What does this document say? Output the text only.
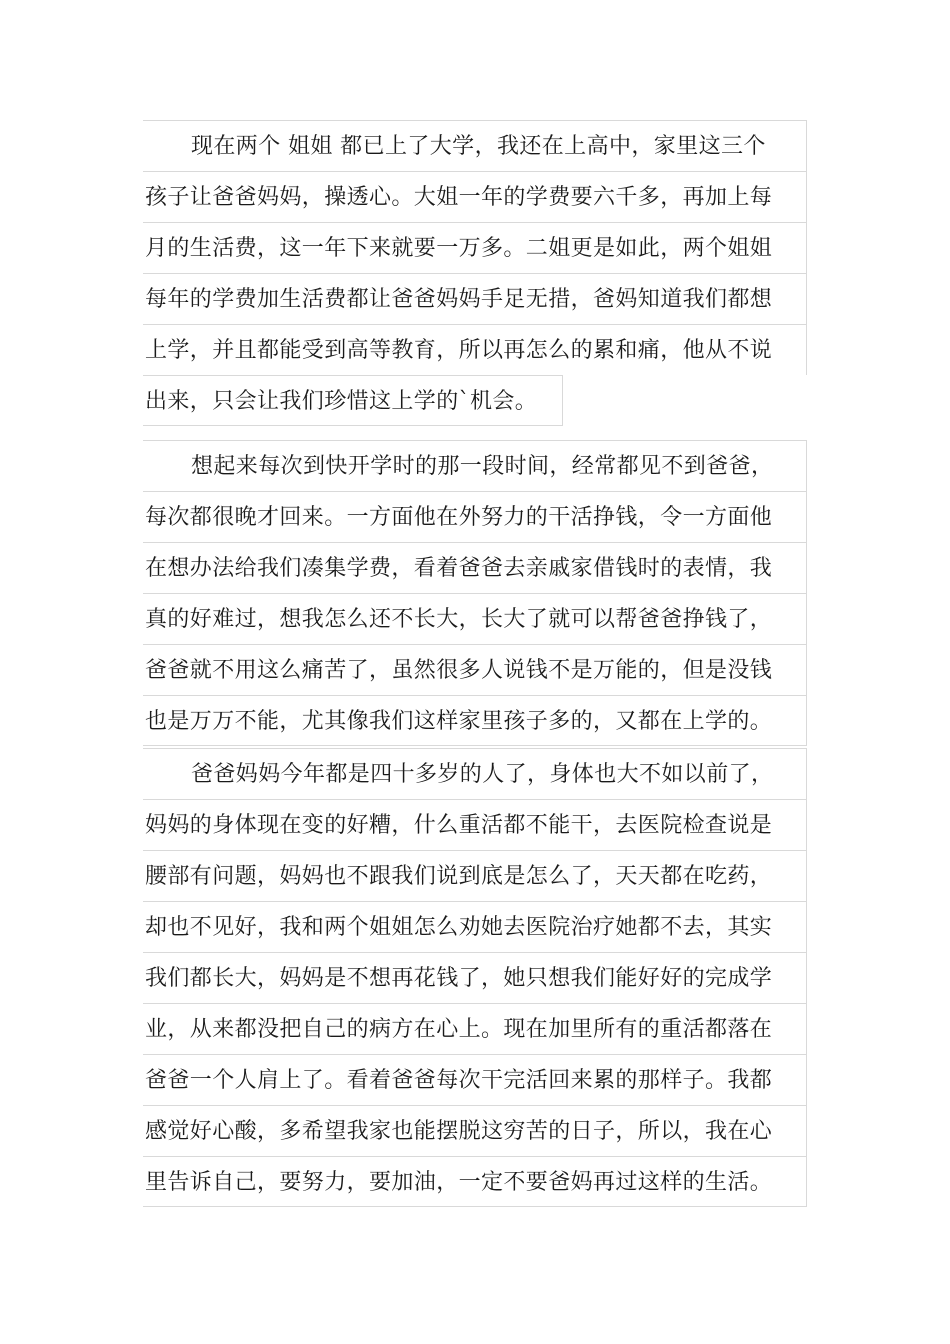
现在两个 姐姐 都已上了大学，我还在上高中，家里这三个
孩子让爸爸妈妈，操透心。大姐一年的学费要六千多，再加上每
月的生活费，这一年下来就要一万多。二姐更是如此，两个姐姐
每年的学费加生活费都让爸爸妈妈手足无措，爸妈知道我们都想
上学，并且都能受到高等教育，所以再怎么的累和痛，他从不说
出来，只会让我们珍惜这上学的`机会。
想起来每次到快开学时的那一段时间，经常都见不到爸爸，
每次都很晚才回来。一方面他在外努力的干活挣钱，令一方面他
在想办法给我们凑集学费，看着爸爸去亲戚家借钱时的表情，我
真的好难过，想我怎么还不长大，长大了就可以帮爸爸挣钱了，
爸爸就不用这么痛苦了，虽然很多人说钱不是万能的，但是没钱
也是万万不能，尤其像我们这样家里孩子多的，又都在上学的。
爸爸妈妈今年都是四十多岁的人了，身体也大不如以前了，
妈妈的身体现在变的好糟，什么重活都不能干，去医院检查说是
腰部有问题，妈妈也不跟我们说到底是怎么了，天天都在吃药，
却也不见好，我和两个姐姐怎么劝她去医院治疗她都不去，其实
我们都长大，妈妈是不想再花钱了，她只想我们能好好的完成学
业，从来都没把自己的病方在心上。现在加里所有的重活都落在
爸爸一个人肩上了。看着爸爸每次干完活回来累的那样子。我都
感觉好心酸，多希望我家也能摆脱这穷苦的日子，所以，我在心
里告诉自己，要努力，要加油，一定不要爸妈再过这样的生活。
